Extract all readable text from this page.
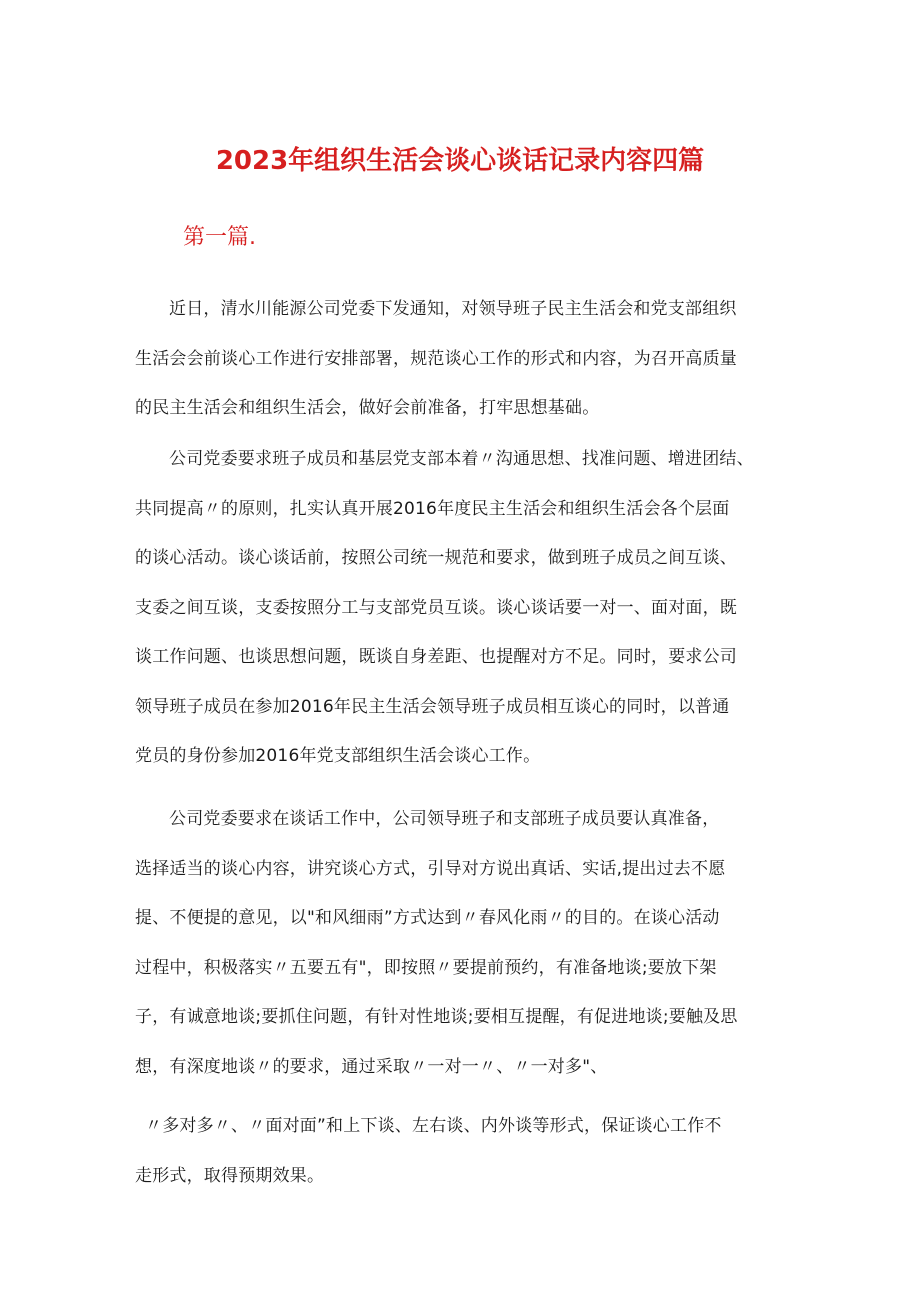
2023年组织生活会谈心谈话记录内容四篇
第一篇.

近日，清水川能源公司党委下发通知，对领导班子民主生活会和党支部组织
生活会会前谈心工作进行安排部署，规范谈心工作的形式和内容，为召开高质量
的民主生活会和组织生活会，做好会前准备，打牢思想基础。

公司党委要求班子成员和基层党支部本着〃沟通思想、找准问题、增进团结、
共同提高〃的原则，扎实认真开展2016年度民主生活会和组织生活会各个层面
的谈心活动。谈心谈话前，按照公司统一规范和要求，做到班子成员之间互谈、
支委之间互谈，支委按照分工与支部党员互谈。谈心谈话要一对一、面对面，既
谈工作问题、也谈思想问题，既谈自身差距、也提醒对方不足。同时，要求公司
领导班子成员在参加2016年民主生活会领导班子成员相互谈心的同时，以普通
党员的身份参加2016年党支部组织生活会谈心工作。

公司党委要求在谈话工作中，公司领导班子和支部班子成员要认真准备，
选择适当的谈心内容，讲究谈心方式，引导对方说出真话、实话,提出过去不愿
提、不便提的意见，以"和风细雨”方式达到〃春风化雨〃的目的。在谈心活动
过程中，积极落实〃五要五有"，即按照〃要提前预约，有准备地谈;要放下架
子，有诚意地谈;要抓住问题，有针对性地谈;要相互提醒，有促进地谈;要触及思
想，有深度地谈〃的要求，通过采取〃一对一〃、〃一对多"、

〃多对多〃、〃面对面”和上下谈、左右谈、内外谈等形式，保证谈心工作不
走形式，取得预期效果。
